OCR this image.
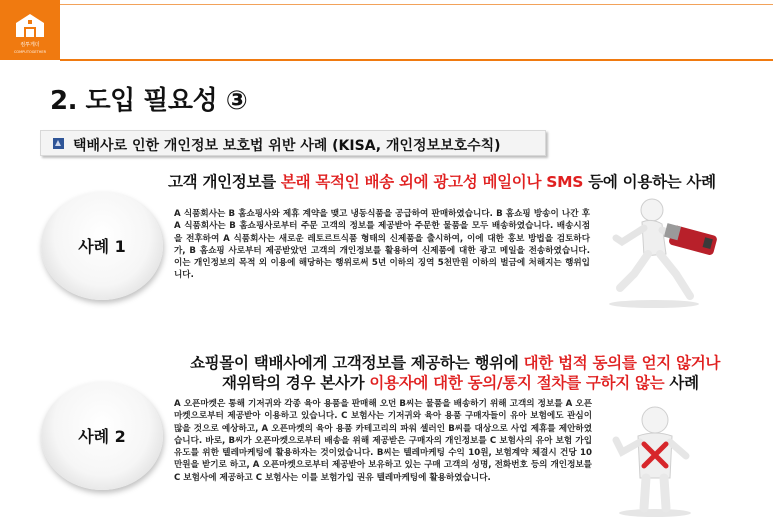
컴투게더
COMPUTOGETHER
2. 도입 필요성 ③
택배사로 인한 개인정보 보호법 위반 사례 (KISA, 개인정보보호수칙)
고객 개인정보를 본래 목적인 배송 외에 광고성 메일이나 SMS 등에 이용하는 사례
사례 1
A 식품회사는 B 홈쇼핑사와 제휴 계약을 맺고 냉동식품을 공급하여 판매하였습니다. B 홈쇼핑 방송이 나간 후 A 식품회사는 B 홈쇼핑사로부터 주문 고객의 정보를 제공받아 주문한 물품을 모두 배송하였습니다. 배송시점을 전후하여 A 식품회사는 새로운 레토르트식품 형태의 신제품을 출시하여, 이에 대한 홍보 방법을 검토하다가, B 홈쇼핑 사로부터 제공받았던 고객의 개인정보를 활용하여 신제품에 대한 광고 메일을 전송하였습니다. 이는 개인정보의 목적 외 이용에 해당하는 행위로써 5년 이하의 징역 5천만원 이하의 벌금에 처해지는 행위입니다.
쇼핑몰이 택배사에게 고객정보를 제공하는 행위에 대한 법적 동의를 얻지 않거나
재위탁의 경우 본사가 이용자에 대한 동의/통지 절차를 구하지 않는 사례
사례 2
A 오픈마켓은 통해 기저귀와 각종 육아 용품을 판매해 오던 B씨는 물품을 배송하기 위해 고객의 정보를 A 오픈마켓으로부터 제공받아 이용하고 있습니다. C 보험사는 기저귀와 육아 용품 구매자들이 유아 보험에도 관심이 많을 것으로 예상하고, A 오픈마켓의 육아 용품 카테고리의 파워 셀러인 B씨를 대상으로 사업 제휴를 제안하였습니다. 바로, B씨가 오픈마켓으로부터 배송을 위해 제공받은 구매자의 개인정보를 C 보험사의 유아 보험 가입 유도를 위한 텔레마케팅에 활용하자는 것이었습니다. B씨는 텔레마케팅 수익 10원, 보험계약 체결시 건당 10만원을 받기로 하고, A 오픈마켓으로부터 제공받아 보유하고 있는 구매 고객의 성명, 전화번호 등의 개인정보를 C 보험사에 제공하고 C 보험사는 이를 보험가입 권유 텔레마케팅에 활용하였습니다.
